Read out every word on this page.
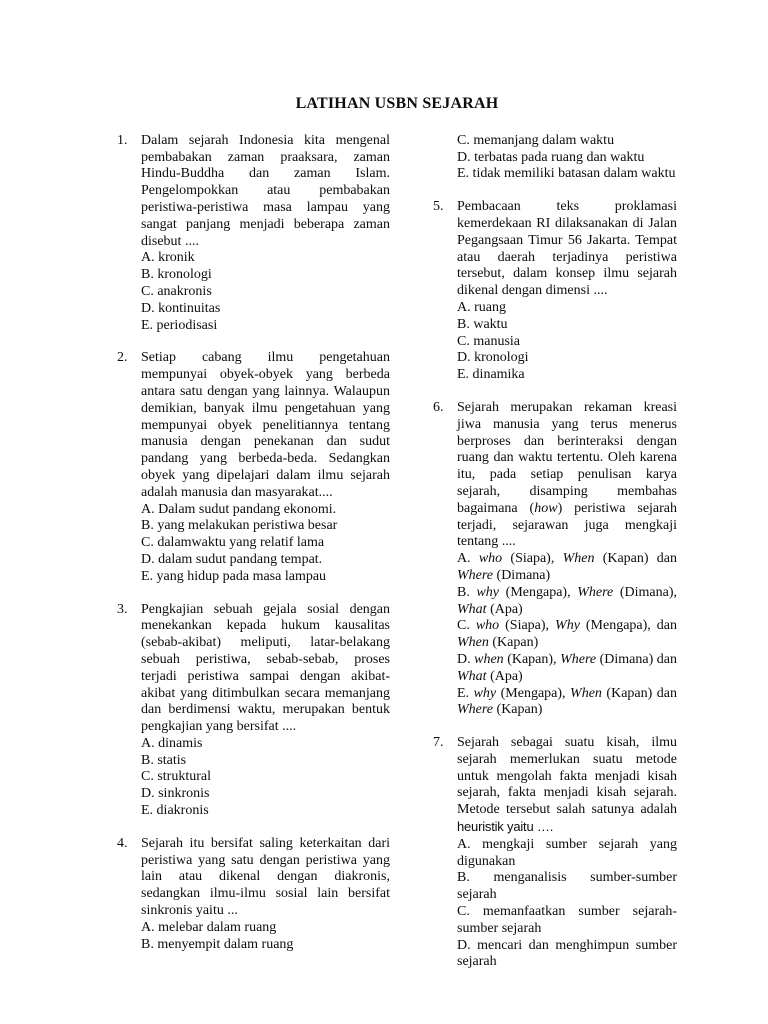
LATIHAN USBN SEJARAH
1. Dalam sejarah Indonesia kita mengenal pembabakan zaman praaksara, zaman Hindu-Buddha dan zaman Islam. Pengelompokkan atau pembabakan peristiwa-peristiwa masa lampau yang sangat panjang menjadi beberapa zaman disebut ....

A. kronik
B. kronologi
C. anakronis
D. kontinuitas
E. periodisasi
2. Setiap cabang ilmu pengetahuan mempunyai obyek-obyek yang berbeda antara satu dengan yang lainnya. Walaupun demikian, banyak ilmu pengetahuan yang mempunyai obyek penelitiannya tentang manusia dengan penekanan dan sudut pandang yang berbeda-beda. Sedangkan obyek yang dipelajari dalam ilmu sejarah adalah manusia dan masyarakat....

A. Dalam sudut pandang ekonomi.
B. yang melakukan peristiwa besar
C. dalamwaktu yang relatif lama
D. dalam sudut pandang tempat.
E. yang hidup pada masa lampau
3. Pengkajian sebuah gejala sosial dengan menekankan kepada hukum kausalitas (sebab-akibat) meliputi, latar-belakang sebuah peristiwa, sebab-sebab, proses terjadi peristiwa sampai dengan akibat-akibat yang ditimbulkan secara memanjang dan berdimensi waktu, merupakan bentuk pengkajian yang bersifat ....

A. dinamis
B. statis
C. struktural
D. sinkronis
E. diakronis
4. Sejarah itu bersifat saling keterkaitan dari peristiwa yang satu dengan peristiwa yang lain atau dikenal dengan diakronis, sedangkan ilmu-ilmu sosial lain bersifat sinkronis yaitu ...

A. melebar dalam ruang
B. menyempit dalam ruang
C. memanjang dalam waktu
D. terbatas pada ruang dan waktu
E. tidak memiliki batasan dalam waktu
5. Pembacaan teks proklamasi kemerdekaan RI dilaksanakan di Jalan Pegangsaan Timur 56 Jakarta. Tempat atau daerah terjadinya peristiwa tersebut, dalam konsep ilmu sejarah dikenal dengan dimensi ....

A. ruang
B. waktu
C. manusia
D. kronologi
E. dinamika
6. Sejarah merupakan rekaman kreasi jiwa manusia yang terus menerus berproses dan berinteraksi dengan ruang dan waktu tertentu. Oleh karena itu, pada setiap penulisan karya sejarah, disamping membahas bagaimana (how) peristiwa sejarah terjadi, sejarawan juga mengkaji tentang ....

A. who (Siapa), When (Kapan) dan Where (Dimana)
B. why (Mengapa), Where (Dimana), What (Apa)
C. who (Siapa), Why (Mengapa), dan When (Kapan)
D. when (Kapan), Where (Dimana) dan What (Apa)
E. why (Mengapa), When (Kapan) dan Where (Kapan)
7. Sejarah sebagai suatu kisah, ilmu sejarah memerlukan suatu metode untuk mengolah fakta menjadi kisah sejarah, fakta menjadi kisah sejarah. Metode tersebut salah satunya adalah heuristik yaitu ….

A. mengkaji sumber sejarah yang digunakan
B. menganalisis sumber-sumber sejarah
C. memanfaatkan sumber sejarah-sumber sejarah
D. mencari dan menghimpun sumber sejarah
